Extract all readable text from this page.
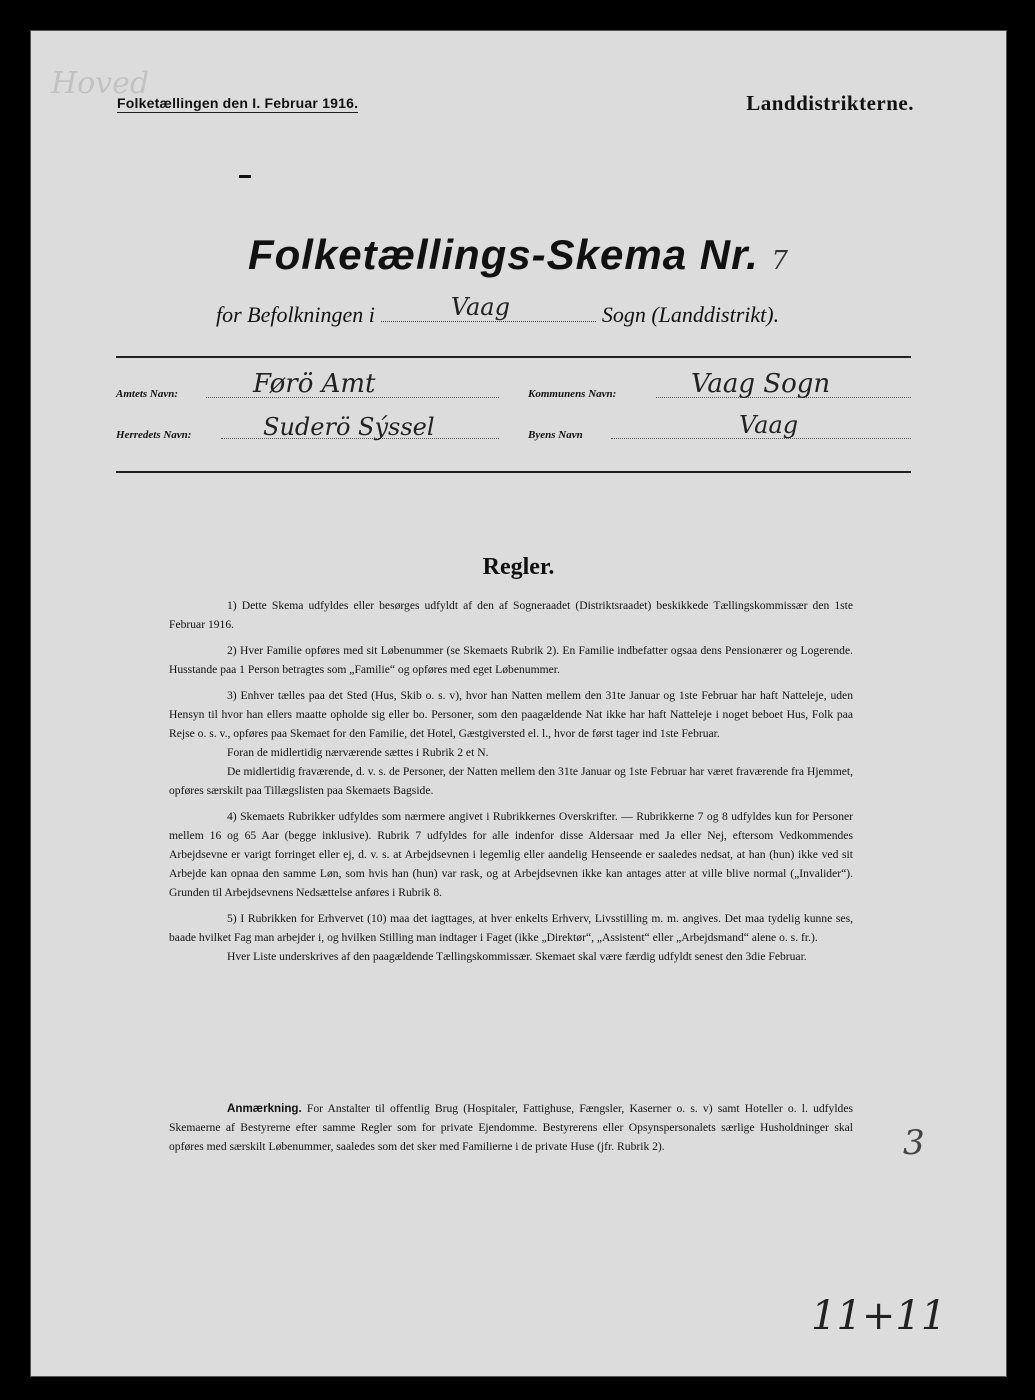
Hoved
Folketællingen den I. Februar 1916.	Landdistrikterne.
Folketællings-Skema Nr. 7
for Befolkningen i	Vaag	Sogn (Landdistrikt).
Amtets Navn:	Førö Amt	Kommunens Navn:	Vaag Sogn
Herredets Navn:	Suderö Sýssel	Byens Navn	Vaag
Regler.

1) Dette Skema udfyldes eller besørges udfyldt af den af Sogneraadet (Distriktsraadet) beskikkede Tællingskommissær den 1ste Februar 1916.

2) Hver Familie opføres med sit Løbenummer (se Skemaets Rubrik 2). En Familie indbefatter ogsaa dens Pensionærer og Logerende. Husstande paa 1 Person betragtes som „Familie“ og opføres med eget Løbenummer.

3) Enhver tælles paa det Sted (Hus, Skib o. s. v), hvor han Natten mellem den 31te Januar og 1ste Februar har haft Natteleje, uden Hensyn til hvor han ellers maatte opholde sig eller bo. Personer, som den paagældende Nat ikke har haft Natteleje i noget beboet Hus, Folk paa Rejse o. s. v., opføres paa Skemaet for den Familie, det Hotel, Gæstgiversted el. l., hvor de først tager ind 1ste Februar.

Foran de midlertidig nærværende sættes i Rubrik 2 et N.

De midlertidig fraværende, d. v. s. de Personer, der Natten mellem den 31te Januar og 1ste Februar har været fraværende fra Hjemmet, opføres særskilt paa Tillægslisten paa Skemaets Bagside.

4) Skemaets Rubrikker udfyldes som nærmere angivet i Rubrikkernes Overskrifter. — Rubrikkerne 7 og 8 udfyldes kun for Personer mellem 16 og 65 Aar (begge inklusive). Rubrik 7 udfyldes for alle indenfor disse Aldersaar med Ja eller Nej, eftersom Vedkommendes Arbejdsevne er varigt forringet eller ej, d. v. s. at Arbejdsevnen i legemlig eller aandelig Henseende er saaledes nedsat, at han (hun) ikke ved sit Arbejde kan opnaa den samme Løn, som hvis han (hun) var rask, og at Arbejdsevnen ikke kan antages atter at ville blive normal („Invalider“). Grunden til Arbejdsevnens Nedsættelse anføres i Rubrik 8.

5) I Rubrikken for Erhvervet (10) maa det iagttages, at hver enkelts Erhverv, Livsstilling m. m. angives. Det maa tydelig kunne ses, baade hvilket Fag man arbejder i, og hvilken Stilling man indtager i Faget (ikke „Direktør“, „Assistent“ eller „Arbejdsmand“ alene o. s. fr.).

Hver Liste underskrives af den paagældende Tællingskommissær. Skemaet skal være færdig udfyldt senest den 3die Februar.

Anmærkning. For Anstalter til offentlig Brug (Hospitaler, Fattighuse, Fængsler, Kaserner o. s. v) samt Hoteller o. l. udfyldes Skemaerne af Bestyrerne efter samme Regler som for private Ejendomme. Bestyrerens eller Opsynspersonalets særlige Husholdninger skal opføres med særskilt Løbenummer, saaledes som det sker med Familierne i de private Huse (jfr. Rubrik 2).	3
11+11
